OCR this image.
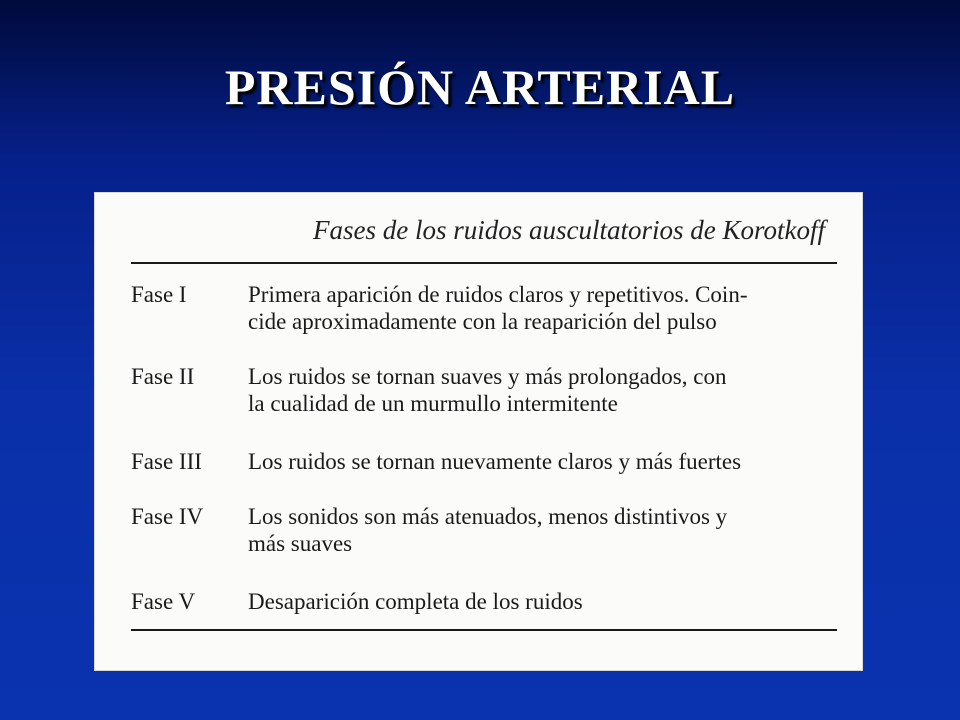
PRESIÓN ARTERIAL
Fases de los ruidos auscultatorios de Korotkoff
Fase I	Primera aparición de ruidos claros y repetitivos. Coin-
cide aproximadamente con la reaparición del pulso
Fase II	Los ruidos se tornan suaves y más prolongados, con
la cualidad de un murmullo intermitente
Fase III	Los ruidos se tornan nuevamente claros y más fuertes
Fase IV	Los sonidos son más atenuados, menos distintivos y
más suaves
Fase V	Desaparición completa de los ruidos
